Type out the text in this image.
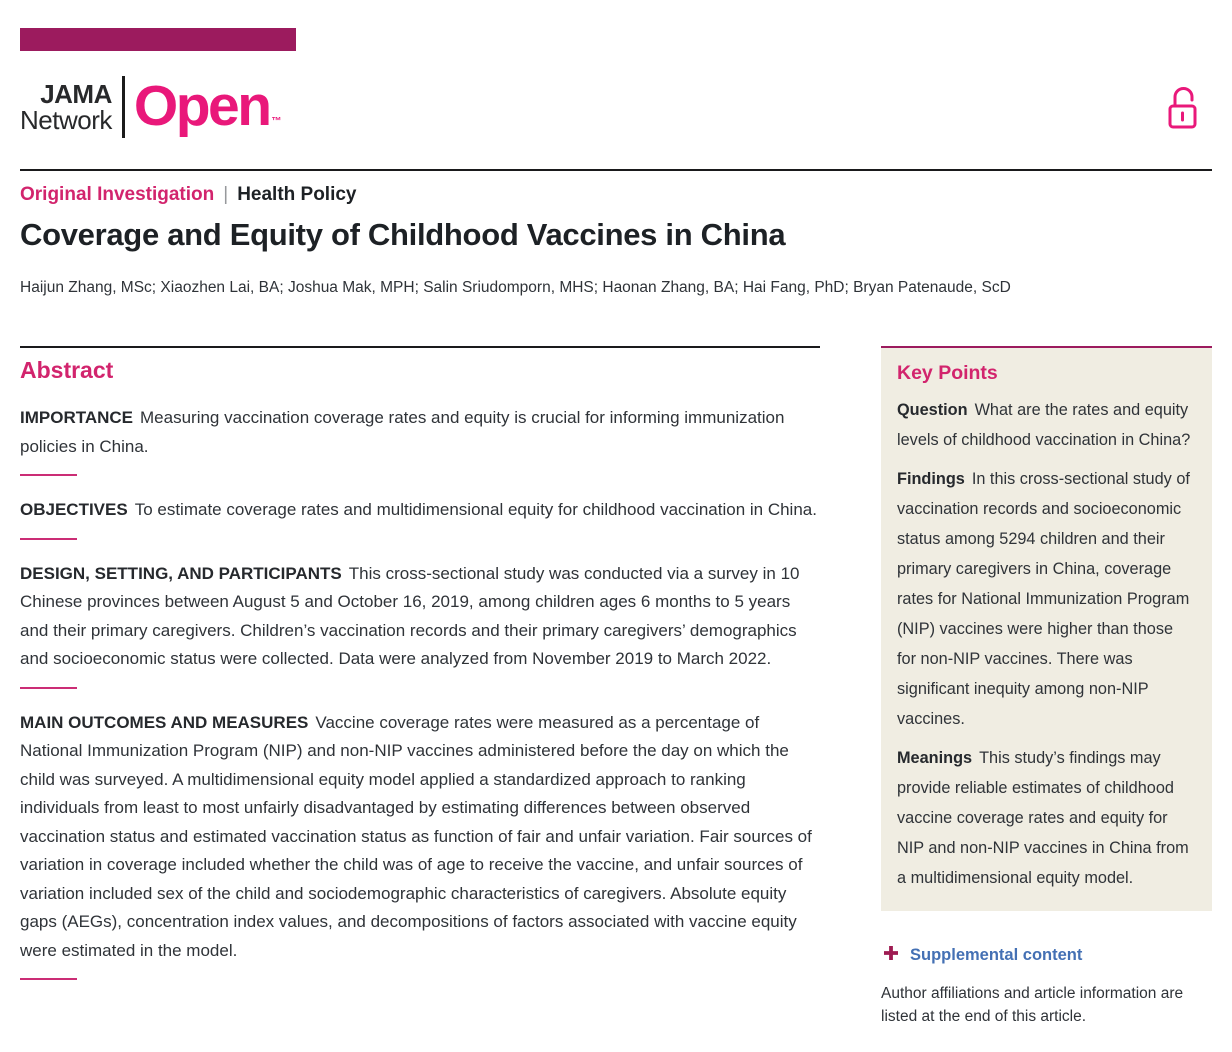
JAMA
Network Open ™
Original Investigation | Health Policy
Coverage and Equity of Childhood Vaccines in China

Haijun Zhang, MSc; Xiaozhen Lai, BA; Joshua Mak, MPH; Salin Sriudomporn, MHS; Haonan Zhang, BA; Hai Fang, PhD; Bryan Patenaude, ScD

Abstract

IMPORTANCE Measuring vaccination coverage rates and equity is crucial for informing immunization policies in China.

OBJECTIVES To estimate coverage rates and multidimensional equity for childhood vaccination in China.

DESIGN, SETTING, AND PARTICIPANTS This cross-sectional study was conducted via a survey in 10 Chinese provinces between August 5 and October 16, 2019, among children ages 6 months to 5 years and their primary caregivers. Children’s vaccination records and their primary caregivers’ demographics and socioeconomic status were collected. Data were analyzed from November 2019 to March 2022.

MAIN OUTCOMES AND MEASURES Vaccine coverage rates were measured as a percentage of National Immunization Program (NIP) and non-NIP vaccines administered before the day on which the child was surveyed. A multidimensional equity model applied a standardized approach to ranking individuals from least to most unfairly disadvantaged by estimating differences between observed vaccination status and estimated vaccination status as function of fair and unfair variation. Fair sources of variation in coverage included whether the child was of age to receive the vaccine, and unfair sources of variation included sex of the child and sociodemographic characteristics of caregivers. Absolute equity gaps (AEGs), concentration index values, and decompositions of factors associated with vaccine equity were estimated in the model.

Key Points

Question What are the rates and equity levels of childhood vaccination in China?

Findings In this cross-sectional study of vaccination records and socioeconomic status among 5294 children and their primary caregivers in China, coverage rates for National Immunization Program (NIP) vaccines were higher than those for non-NIP vaccines. There was significant inequity among non-NIP vaccines.

Meanings This study’s findings may provide reliable estimates of childhood vaccine coverage rates and equity for NIP and non-NIP vaccines in China from a multidimensional equity model.

Supplemental content

Author affiliations and article information are listed at the end of this article.
